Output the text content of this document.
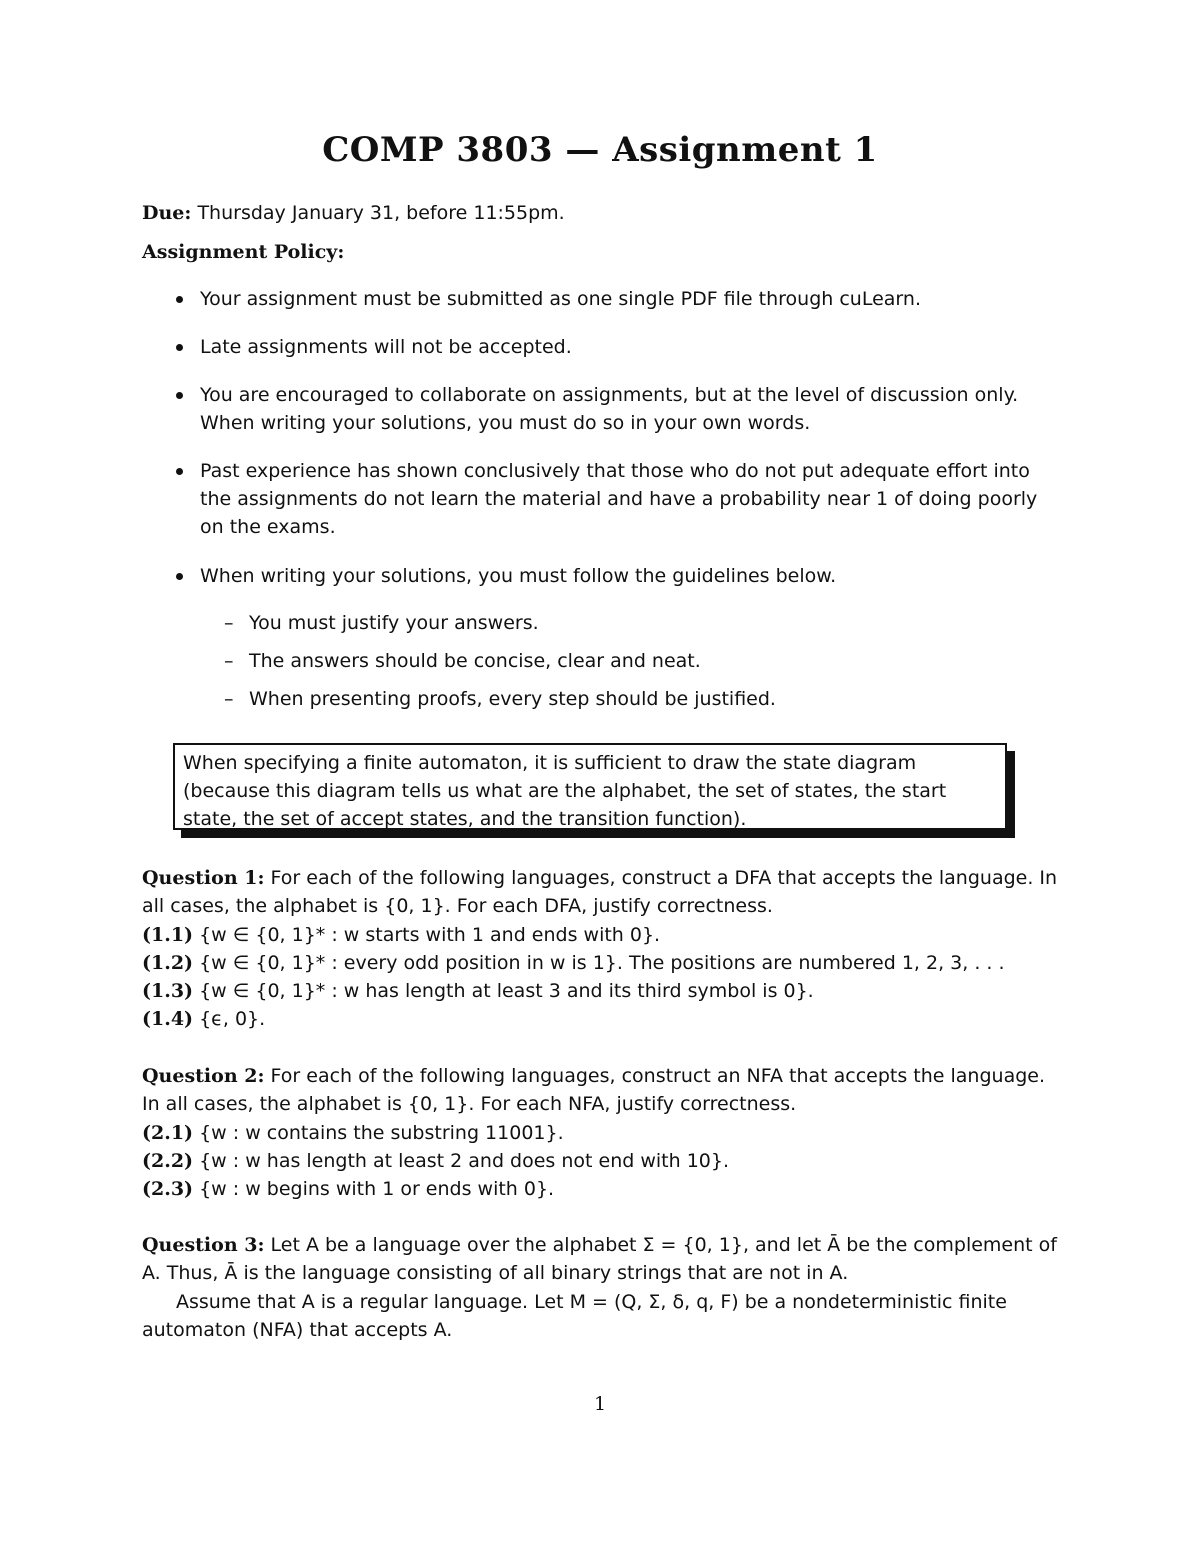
COMP 3803 — Assignment 1
Due: Thursday January 31, before 11:55pm.
Assignment Policy:
Your assignment must be submitted as one single PDF file through cuLearn.
Late assignments will not be accepted.
You are encouraged to collaborate on assignments, but at the level of discussion only. When writing your solutions, you must do so in your own words.
Past experience has shown conclusively that those who do not put adequate effort into the assignments do not learn the material and have a probability near 1 of doing poorly on the exams.
When writing your solutions, you must follow the guidelines below.
– You must justify your answers.
– The answers should be concise, clear and neat.
– When presenting proofs, every step should be justified.
When specifying a finite automaton, it is sufficient to draw the state diagram (because this diagram tells us what are the alphabet, the set of states, the start state, the set of accept states, and the transition function).

Question 1: For each of the following languages, construct a DFA that accepts the language. In all cases, the alphabet is {0, 1}. For each DFA, justify correctness.

(1.1) {w ∈ {0, 1}* : w starts with 1 and ends with 0}.

(1.2) {w ∈ {0, 1}* : every odd position in w is 1}. The positions are numbered 1, 2, 3, . . .

(1.3) {w ∈ {0, 1}* : w has length at least 3 and its third symbol is 0}.

(1.4) {ϵ, 0}.

Question 2: For each of the following languages, construct an NFA that accepts the language. In all cases, the alphabet is {0, 1}. For each NFA, justify correctness.

(2.1) {w : w contains the substring 11001}.

(2.2) {w : w has length at least 2 and does not end with 10}.

(2.3) {w : w begins with 1 or ends with 0}.

Question 3: Let A be a language over the alphabet Σ = {0, 1}, and let Ā be the complement of A. Thus, Ā is the language consisting of all binary strings that are not in A.

Assume that A is a regular language. Let M = (Q, Σ, δ, q, F) be a nondeterministic finite automaton (NFA) that accepts A.

1
